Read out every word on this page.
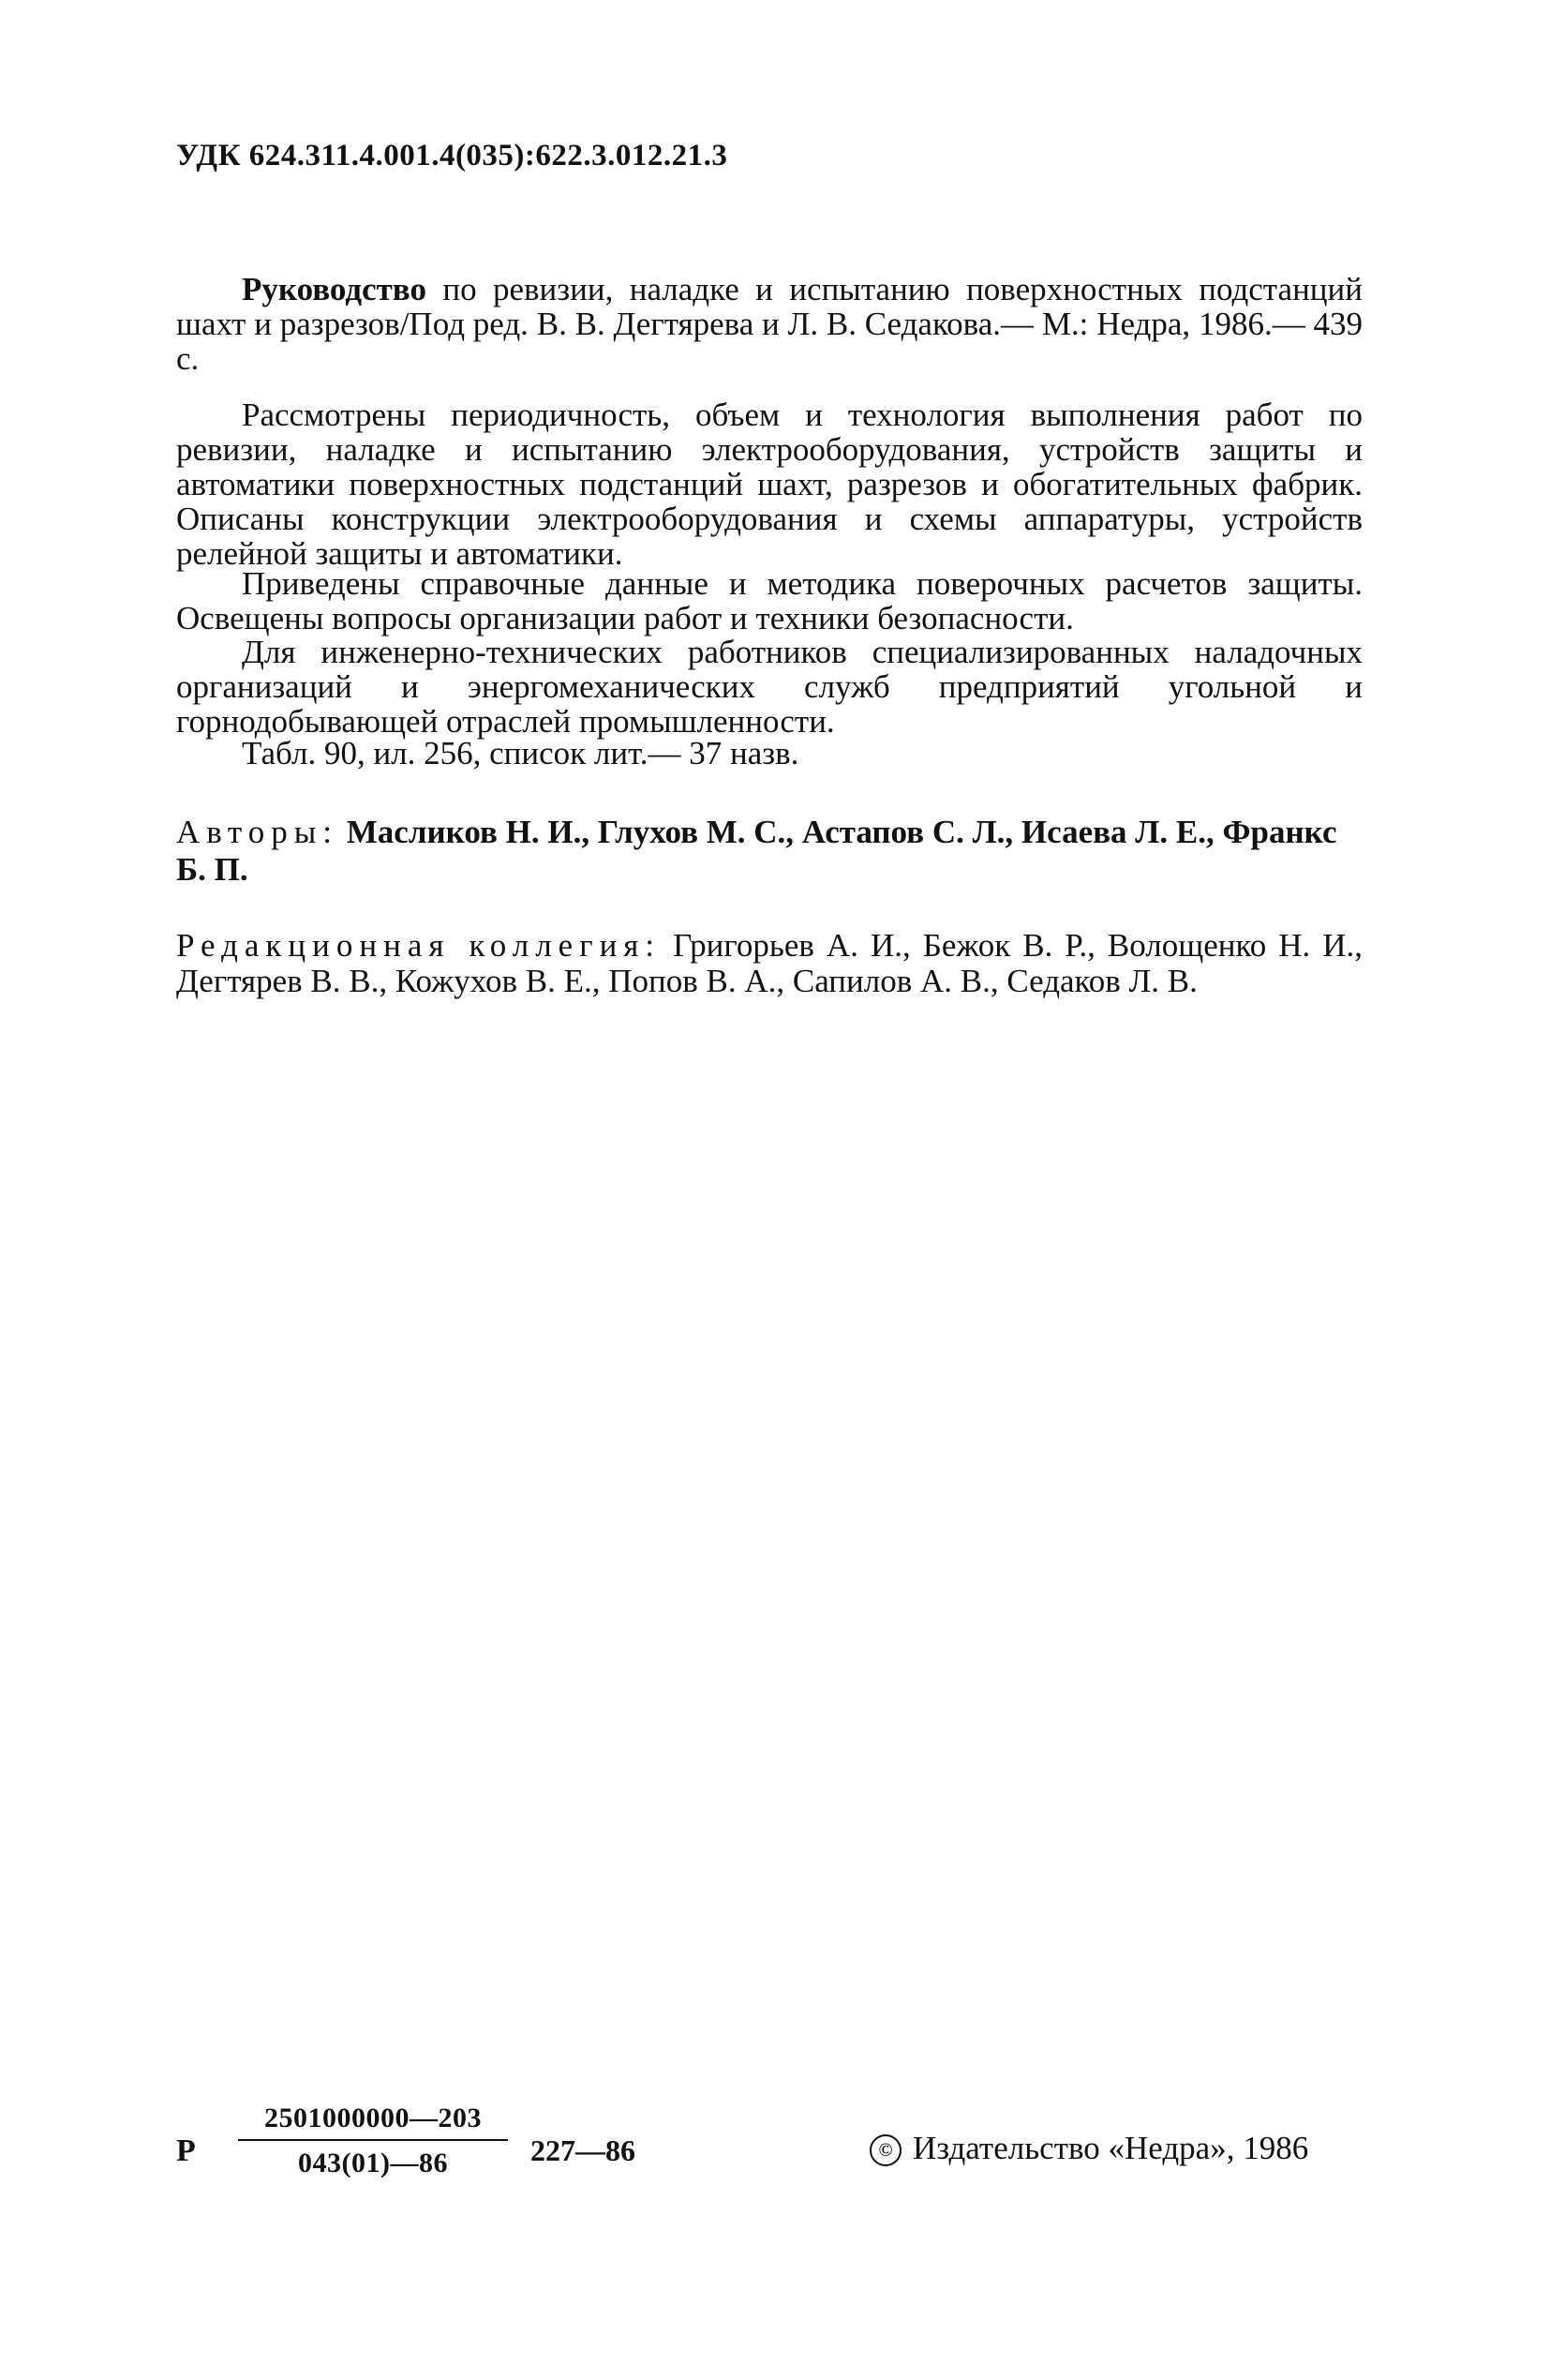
УДК 624.311.4.001.4(035):622.3.012.21.3

Руководство по ревизии, наладке и испытанию поверхностных подстанций шахт и разрезов/Под ред. В. В. Дегтярева и Л. В. Седакова.— М.: Недра, 1986.— 439 с.

Рассмотрены периодичность, объем и технология выполнения работ по ревизии, наладке и испытанию электрооборудования, устройств защиты и автоматики поверхностных подстанций шахт, разрезов и обогатительных фабрик. Описаны конструкции электрооборудования и схемы аппаратуры, устройств релейной защиты и автоматики.

Приведены справочные данные и методика поверочных расчетов защиты. Освещены вопросы организации работ и техники безопасности.

Для инженерно-технических работников специализированных наладочных организаций и энергомеханических служб предприятий угольной и горнодобывающей отраслей промышленности.

Табл. 90, ил. 256, список лит.— 37 назв.

Авторы: Масликов Н. И., Глухов М. С., Астапов С. Л., Исаева Л. Е., Франкс Б. П.

Редакционная коллегия: Григорьев А. И., Бежок В. Р., Волощенко Н. И., Дегтярев В. В., Кожухов В. Е., Попов В. А., Сапилов А. В., Седаков Л. В.

Р
2501000000—203
043(01)—86	227—86	© Издательство «Недра», 1986
